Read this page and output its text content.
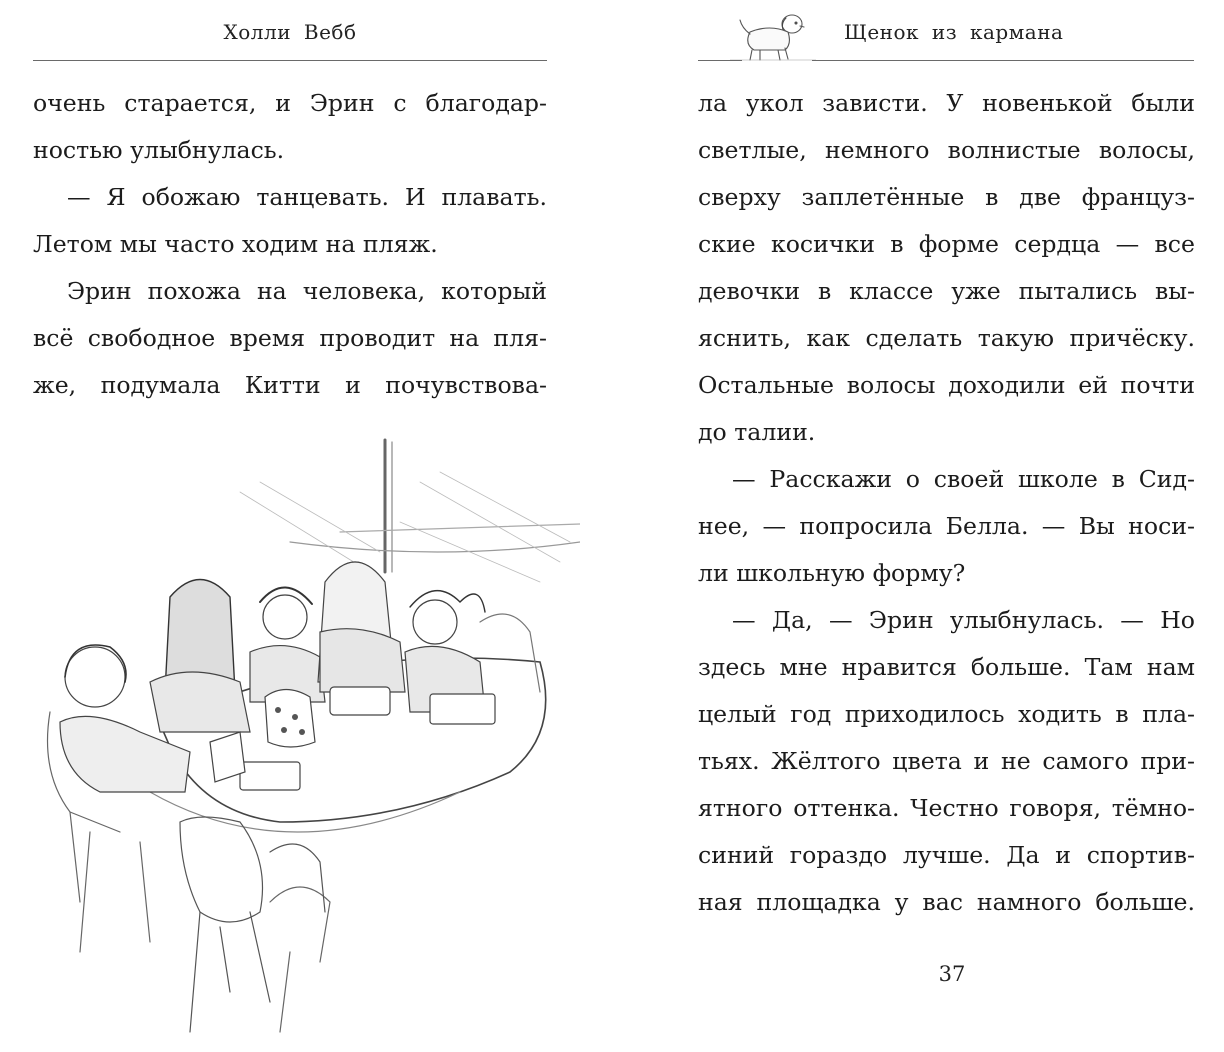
Холли Вебб
очень старается, и Эрин с благодар-
ностью улыбнулась.
— Я обожаю танцевать. И плавать.
Летом мы часто ходим на пляж.
Эрин похожа на человека, который
всё свободное время проводит на пля-
же, подумала Китти и почувствова-
Щенок из кармана
ла укол зависти. У новенькой были
светлые, немного волнистые волосы,
сверху заплетённые в две француз-
ские косички в форме сердца — все
девочки в классе уже пытались вы-
яснить, как сделать такую причёску.
Остальные волосы доходили ей почти
до талии.
— Расскажи о своей школе в Сид-
нее, — попросила Белла. — Вы носи-
ли школьную форму?
— Да, — Эрин улыбнулась. — Но
здесь мне нравится больше. Там нам
целый год приходилось ходить в пла-
тьях. Жёлтого цвета и не самого при-
ятного оттенка. Честно говоря, тёмно-
синий гораздо лучше. Да и спортив-
ная площадка у вас намного больше.
37
